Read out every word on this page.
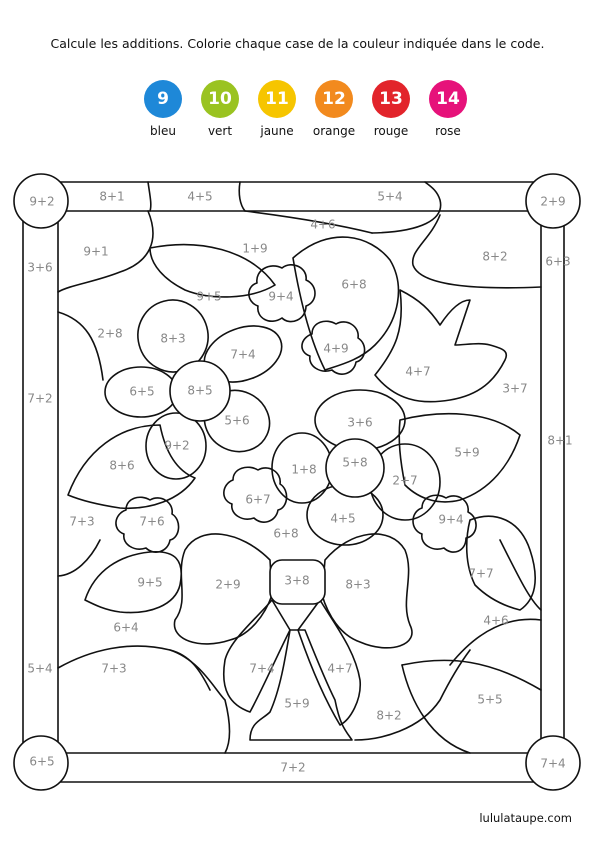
Calcule les additions. Colorie chaque case de la couleur indiquée dans le code.
9
bleu
10
vert
11
jaune
12
orange
13
rouge
14
rose
9+2	8+1	4+5	5+4	2+9
4+6
3+6
9+1	1+9
8+2	6+3
9+5	9+4
6+8
2+8	8+3
4+9
7+4
4+7
3+7
6+5	8+5
7+2
5+6	3+6
8+1
9+2
1+8 5+8
5+9
8+6
2+7
6+7
7+3	7+6	4+5	9+4
6+8
3+8
2+9
9+5	8+3
7+7
6+4	4+6
5+4	7+3	7+4	4+7
5+5
5+9
8+2
6+5	7+2	7+4
lululataupe.com
